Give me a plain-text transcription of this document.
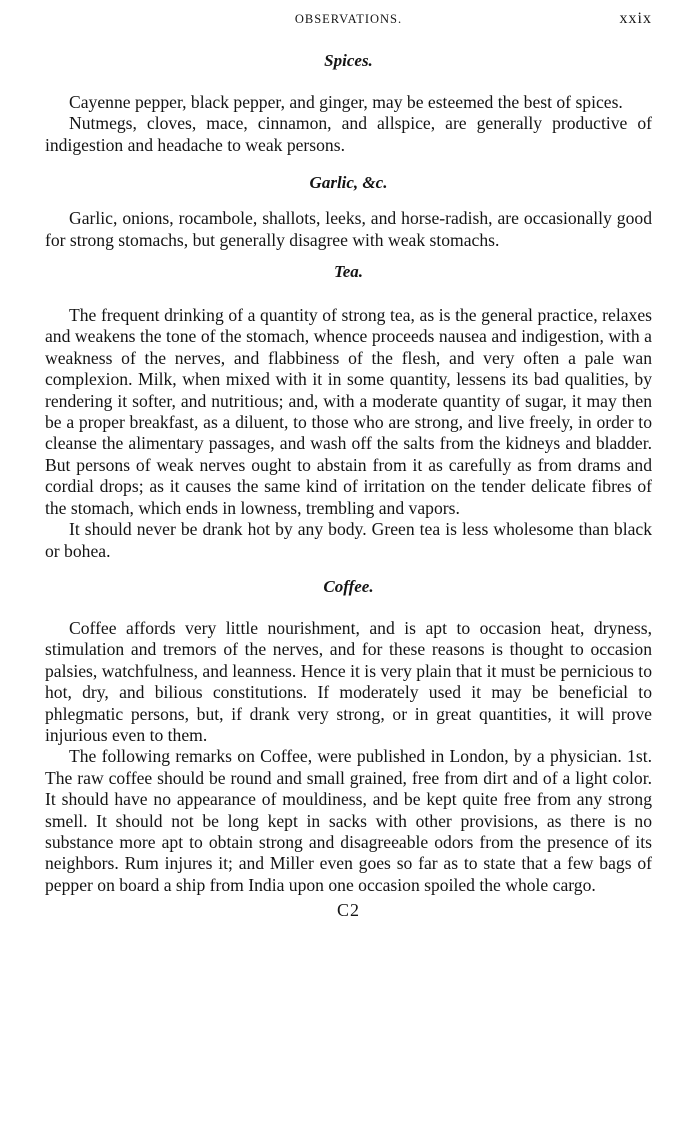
OBSERVATIONS.	xxix
Spices.

Cayenne pepper, black pepper, and ginger, may be esteemed the best of spices.

Nutmegs, cloves, mace, cinnamon, and allspice, are generally productive of indigestion and headache to weak persons.

Garlic, &c.

Garlic, onions, rocambole, shallots, leeks, and horse-radish, are occasionally good for strong stomachs, but generally disagree with weak stomachs.

Tea.

The frequent drinking of a quantity of strong tea, as is the general practice, relaxes and weakens the tone of the stomach, whence proceeds nausea and indigestion, with a weakness of the nerves, and flabbiness of the flesh, and very often a pale wan complexion. Milk, when mixed with it in some quantity, lessens its bad qualities, by rendering it softer, and nutritious; and, with a moderate quantity of sugar, it may then be a proper breakfast, as a diluent, to those who are strong, and live freely, in order to cleanse the alimentary passages, and wash off the salts from the kidneys and bladder. But persons of weak nerves ought to abstain from it as carefully as from drams and cordial drops; as it causes the same kind of irritation on the tender delicate fibres of the stomach, which ends in lowness, trembling and vapors.

It should never be drank hot by any body. Green tea is less wholesome than black or bohea.

Coffee.

Coffee affords very little nourishment, and is apt to occasion heat, dryness, stimulation and tremors of the nerves, and for these reasons is thought to occasion palsies, watchfulness, and leanness. Hence it is very plain that it must be pernicious to hot, dry, and bilious constitutions. If moderately used it may be beneficial to phlegmatic persons, but, if drank very strong, or in great quantities, it will prove injurious even to them.

The following remarks on Coffee, were published in London, by a physician. 1st. The raw coffee should be round and small grained, free from dirt and of a light color. It should have no appearance of mouldiness, and be kept quite free from any strong smell. It should not be long kept in sacks with other provisions, as there is no substance more apt to obtain strong and disagreeable odors from the presence of its neighbors. Rum injures it; and Miller even goes so far as to state that a few bags of pepper on board a ship from India upon one occasion spoiled the whole cargo.

C2
